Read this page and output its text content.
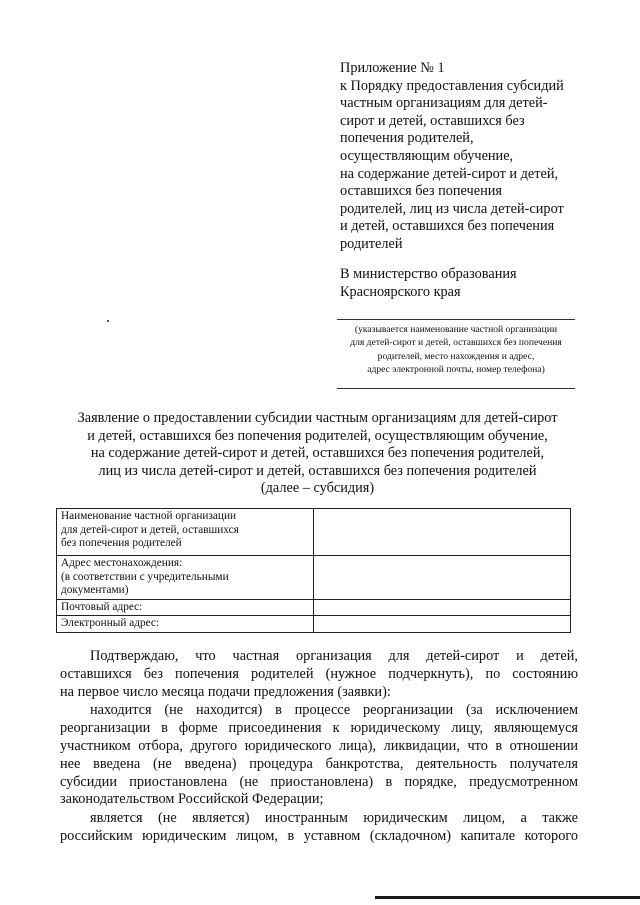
Приложение № 1
к Порядку предоставления субсидий
частным организациям для детей-
сирот и детей, оставшихся без
попечения родителей,
осуществляющим обучение,
на содержание детей-сирот и детей,
оставшихся без попечения
родителей, лиц из числа детей-сирот
и детей, оставшихся без попечения
родителей
В министерство образования
Красноярского края
(указывается наименование частной организации
для детей-сирот и детей, оставшихся без попечения
родителей, место нахождения и адрес,
адрес электронной почты, номер телефона)
Заявление о предоставлении субсидии частным организациям для детей-сирот
и детей, оставшихся без попечения родителей, осуществляющим обучение,
на содержание детей-сирот и детей, оставшихся без попечения родителей,
лиц из числа детей-сирот и детей, оставшихся без попечения родителей
(далее – субсидия)
Наименование частной организации
для детей-сирот и детей, оставшихся
без попечения родителей	

Адрес местонахождения:
(в соответствии с учредительными
документами)	

Почтовый адрес:	

Электронный адрес:	

Подтверждаю, что частная организация для детей-сирот и детей,
оставшихся без попечения родителей (нужное подчеркнуть), по состоянию
на первое число месяца подачи предложения (заявки):

находится (не находится) в процессе реорганизации (за исключением
реорганизации в форме присоединения к юридическому лицу, являющемуся
участником отбора, другого юридического лица), ликвидации, что в отношении
нее введена (не введена) процедура банкротства, деятельность получателя
субсидии приостановлена (не приостановлена) в порядке, предусмотренном
законодательством Российской Федерации;

является (не является) иностранным юридическим лицом, а также
российским юридическим лицом, в уставном (складочном) капитале которого
